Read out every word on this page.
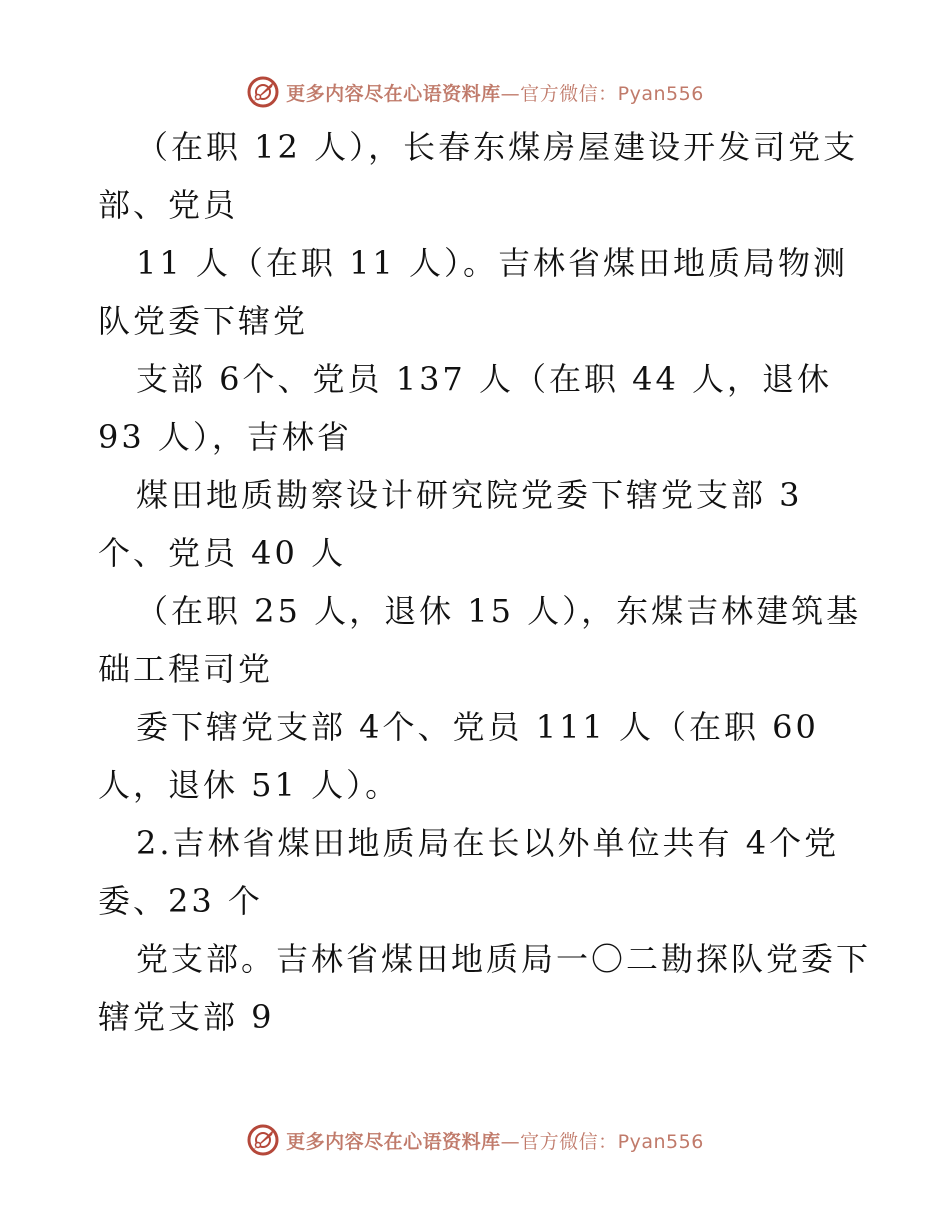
更多内容尽在心语资料库—官方微信：Pyan556
（在职 12 人），长春东煤房屋建设开发司党支
部、党员
11 人（在职 11 人）。吉林省煤田地质局物测
队党委下辖党
支部 6个、党员 137 人（在职 44 人，退休
93 人），吉林省
煤田地质勘察设计研究院党委下辖党支部 3
个、党员 40 人
（在职 25 人，退休 15 人），东煤吉林建筑基
础工程司党
委下辖党支部 4个、党员 111 人（在职 60
人，退休 51 人）。
2.吉林省煤田地质局在长以外单位共有 4个党
委、23 个
党支部。吉林省煤田地质局一〇二勘探队党委下
辖党支部 9
更多内容尽在心语资料库—官方微信：Pyan556
